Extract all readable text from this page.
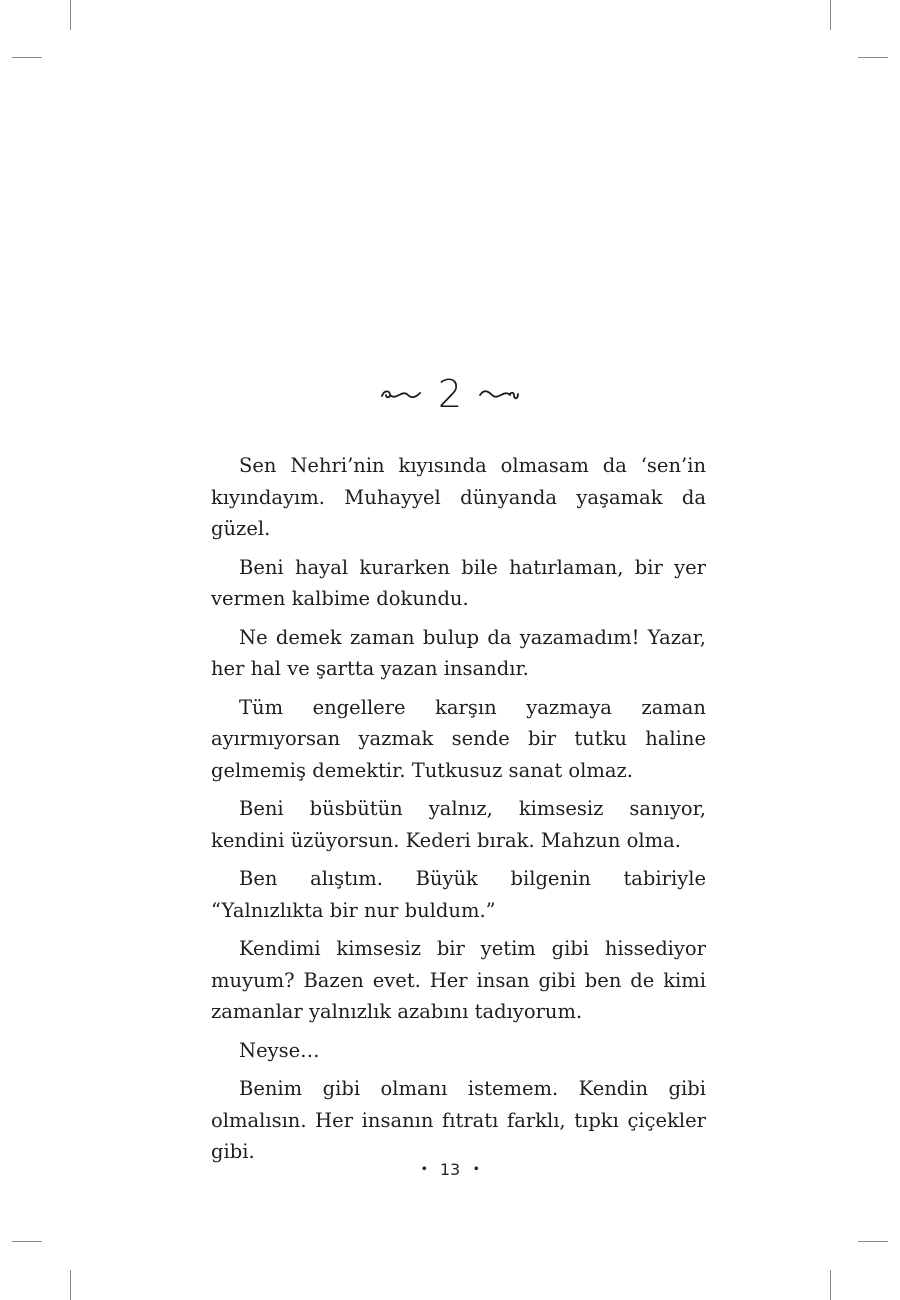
2

Sen Nehri’nin kıyısında olmasam da ‘sen’in kıyındayım. Muhayyel dünyanda yaşamak da güzel.

Beni hayal kurarken bile hatırlaman, bir yer vermen kalbime dokundu.

Ne demek zaman bulup da yazamadım! Yazar, her hal ve şartta yazan insandır.

Tüm engellere karşın yazmaya zaman ayırmıyorsan yazmak sende bir tutku haline gelmemiş demektir. Tutkusuz sanat olmaz.

Beni büsbütün yalnız, kimsesiz sanıyor, kendini üzüyorsun. Kederi bırak. Mahzun olma.

Ben alıştım. Büyük bilgenin tabiriyle “Yalnızlıkta bir nur buldum.”

Kendimi kimsesiz bir yetim gibi hissediyor muyum? Bazen evet. Her insan gibi ben de kimi zamanlar yalnızlık azabını tadıyorum.

Neyse…

Benim gibi olmanı istemem. Kendin gibi olmalısın. Her insanın fıtratı farklı, tıpkı çiçekler gibi.

• 13 •
